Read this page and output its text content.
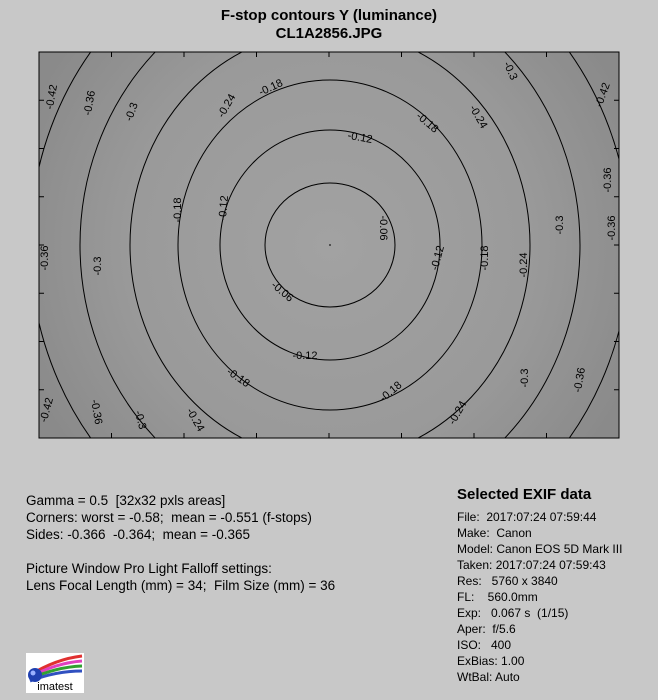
F-stop contours Y (luminance)
CL1A2856.JPG
-0.06
-0.06
-0.12
-0.12
-0.12
-0.12
-0.18
-0.18
-0.18
-0.18
-0.18
-0.18
-0.24	-0.24
-0.24
-0.24
-0.24
-0.3
-0.3
-0.3
-0.3
-0.3
-0.3
-0.36
-0.36
-0.36
-0.36
-0.36
-0.36
-0.42	-0.42
-0.42
Gamma = 0.5  [32x32 pxls areas]
Corners: worst = -0.58;  mean = -0.551 (f-stops)
Sides: -0.366  -0.364;  mean = -0.365
Picture Window Pro Light Falloff settings:
Lens Focal Length (mm) = 34;  Film Size (mm) = 36
Selected EXIF data
File:  2017:07:24 07:59:44
Make:  Canon
Model: Canon EOS 5D Mark III
Taken: 2017:07:24 07:59:43
Res:   5760 x 3840
FL:    560.0mm
Exp:   0.067 s  (1/15)
Aper:  f/5.6
ISO:   400
ExBias: 1.00
WtBal: Auto
imatest
